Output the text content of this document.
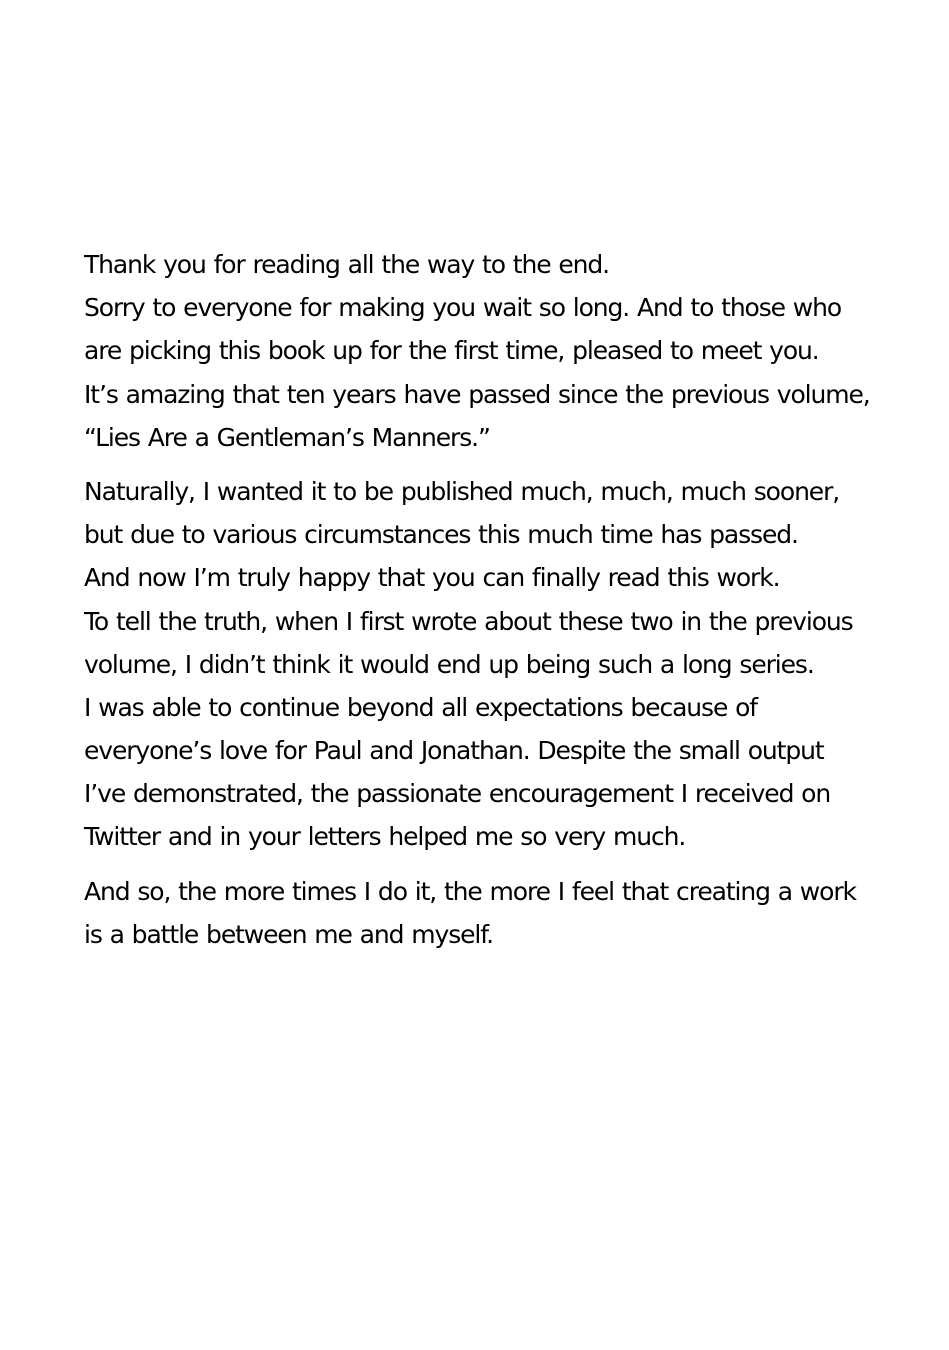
Thank you for reading all the way to the end.
Sorry to everyone for making you wait so long. And to those who
are picking this book up for the first time, pleased to meet you.
It’s amazing that ten years have passed since the previous volume,
“Lies Are a Gentleman’s Manners.”

Naturally, I wanted it to be published much, much, much sooner,
but due to various circumstances this much time has passed.
And now I’m truly happy that you can finally read this work.
To tell the truth, when I first wrote about these two in the previous
volume, I didn’t think it would end up being such a long series.
I was able to continue beyond all expectations because of
everyone’s love for Paul and Jonathan. Despite the small output
I’ve demonstrated, the passionate encouragement I received on
Twitter and in your letters helped me so very much.

And so, the more times I do it, the more I feel that creating a work
is a battle between me and myself.
